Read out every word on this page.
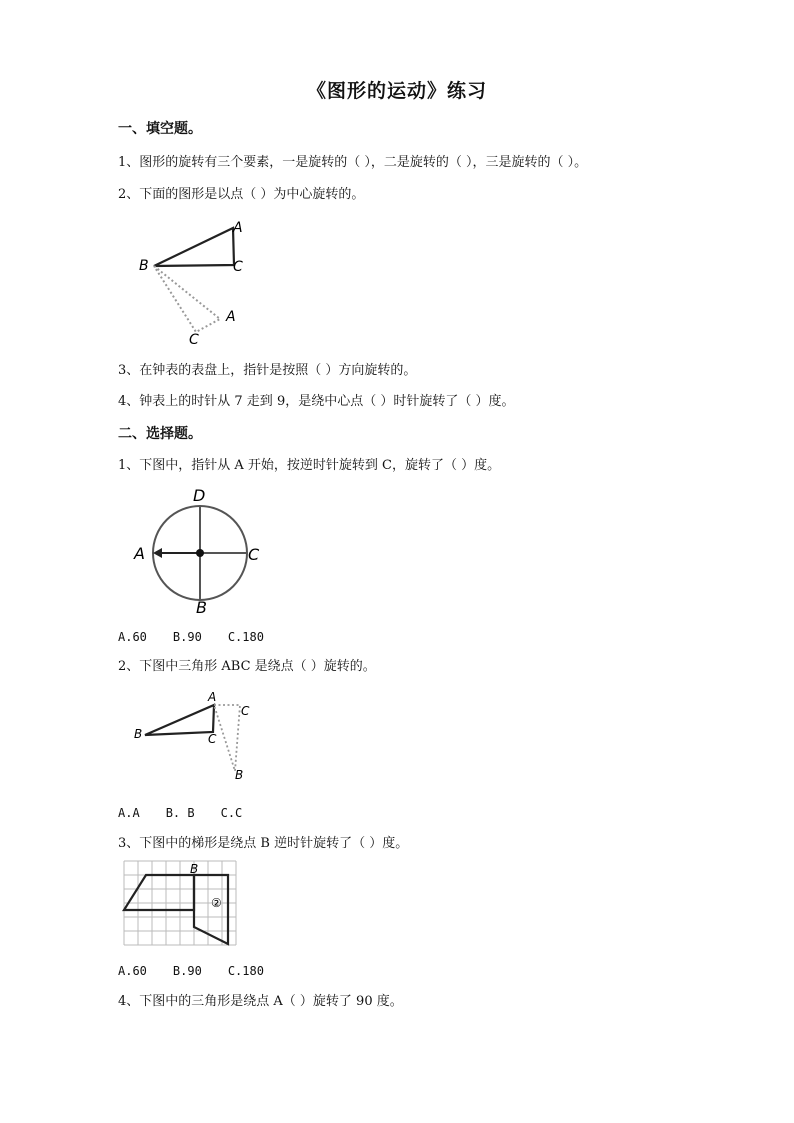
《图形的运动》练习
一、填空题。
1、图形的旋转有三个要素，一是旋转的（ ），二是旋转的（ ），三是旋转的（ ）。
2、下面的图形是以点（ ）为中心旋转的。
A
B	C
A
C
3、在钟表的表盘上，指针是按照（ ）方向旋转的。
4、钟表上的时针从 7 走到 9，是绕中心点（ ）时针旋转了（ ）度。
二、选择题。
1、下图中，指针从 A 开始，按逆时针旋转到 C，旋转了（ ）度。
D
A	C
B
A.60 B.90 C.180
2、下图中三角形 ABC 是绕点（ ）旋转的。
A
B	C
C
B
A.A B. B C.C
3、下图中的梯形是绕点 B 逆时针旋转了（ ）度。
B
②
A.60 B.90 C.180
4、下图中的三角形是绕点 A（ ）旋转了 90 度。
